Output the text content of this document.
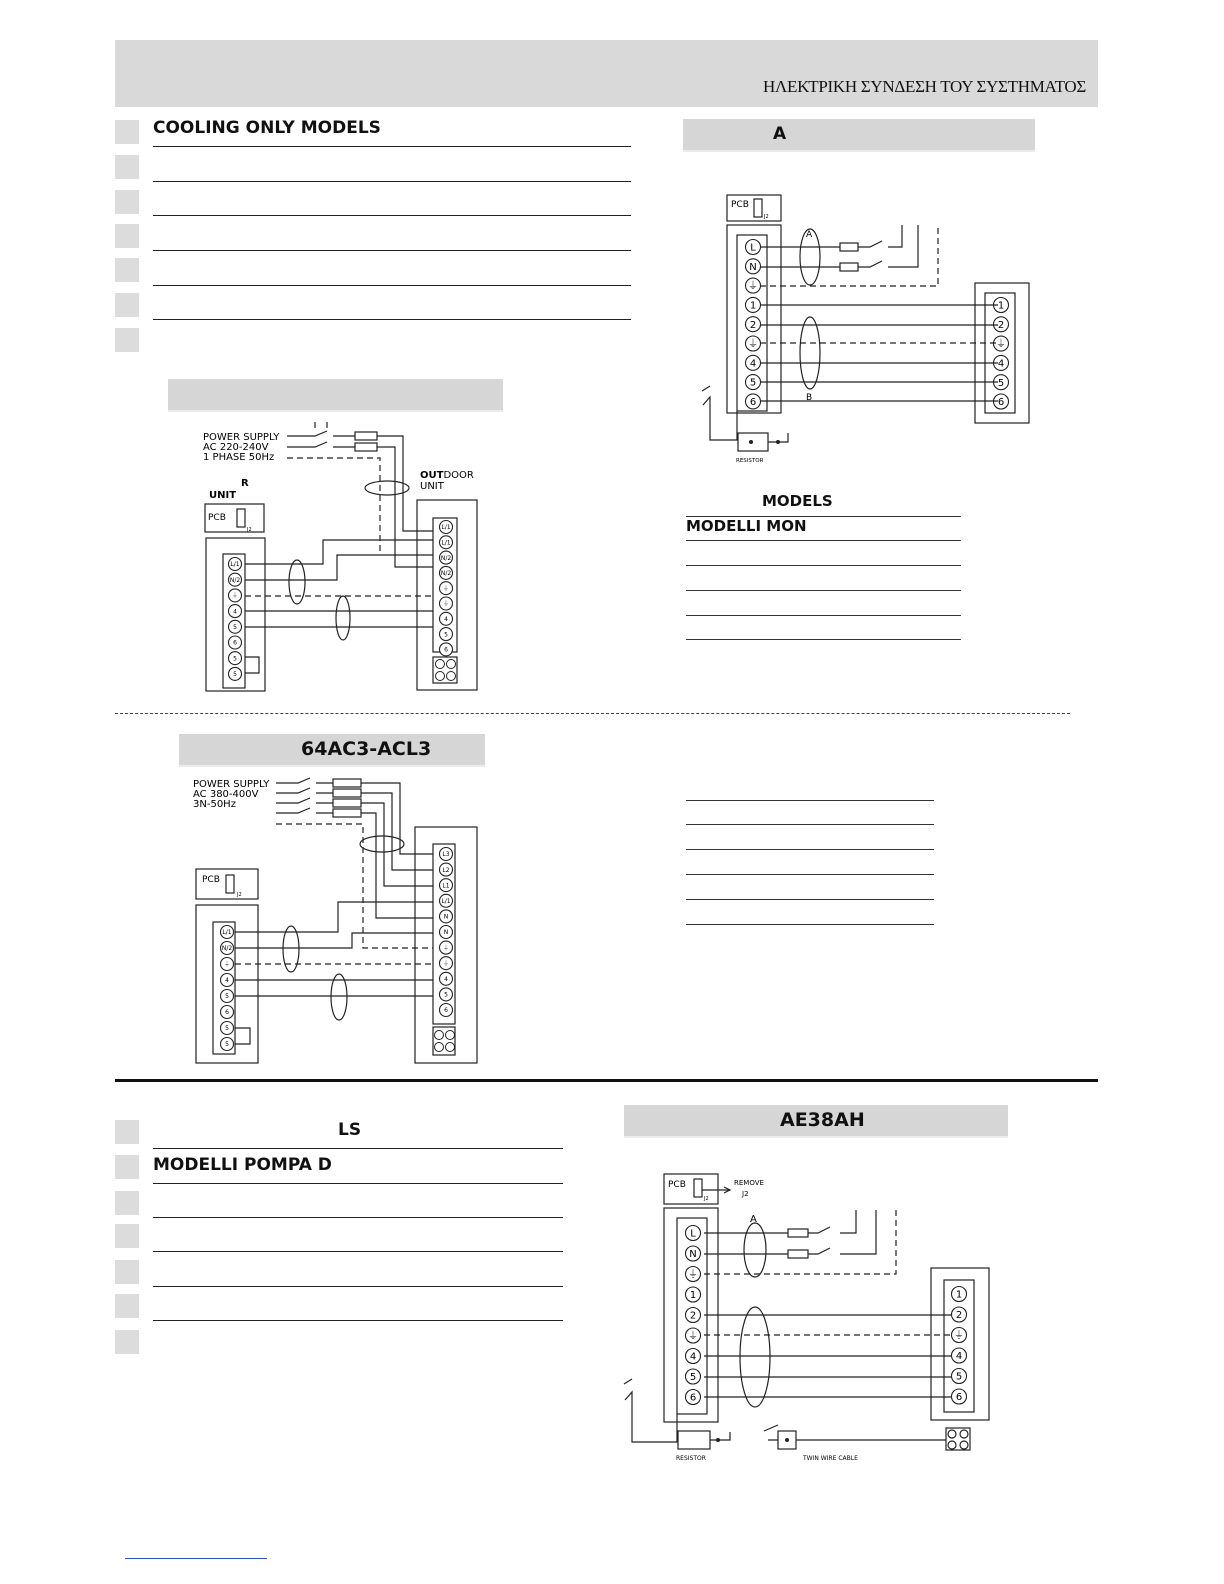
ΗΛΕΚΤΡΙΚΗ ΣΥΝΔΕΣΗ ΤΟΥ ΣΥΣΤΗΜΑΤΟΣ
COOLING ONLY MODELS	A
MODELS
MODELLI MON
64AC3-ACL3
LS
MODELLI POMPA D
AE38AH
PCB
J2
L
N
⏚
1
2
⏚
4
5
6
1
2
⏚
4
5
6
A
B
RESISTOR
POWER SUPPLY
AC 220-240V
1 PHASE 50Hz
OUTDOOR
UNIT
R
UNIT
PCB
J2
L/1
N/2
⏚
4
5
6
5
5
L/1
L/1
N/2
N/2
⏚
⏚
4
5
6
POWER SUPPLY
AC 380-400V
3N-50Hz
PCB
J2
L/1
N/2
⏚
4
5
6
5
5
L3
L2
L1
L/1
N
N
⏚
⏚
4
5
6
PCB
J2
REMOVE
J2
A
RESISTOR	TWIN WIRE CABLE
L
N
⏚
1
2
⏚
4
5
6
1
2
⏚
4
5
6
